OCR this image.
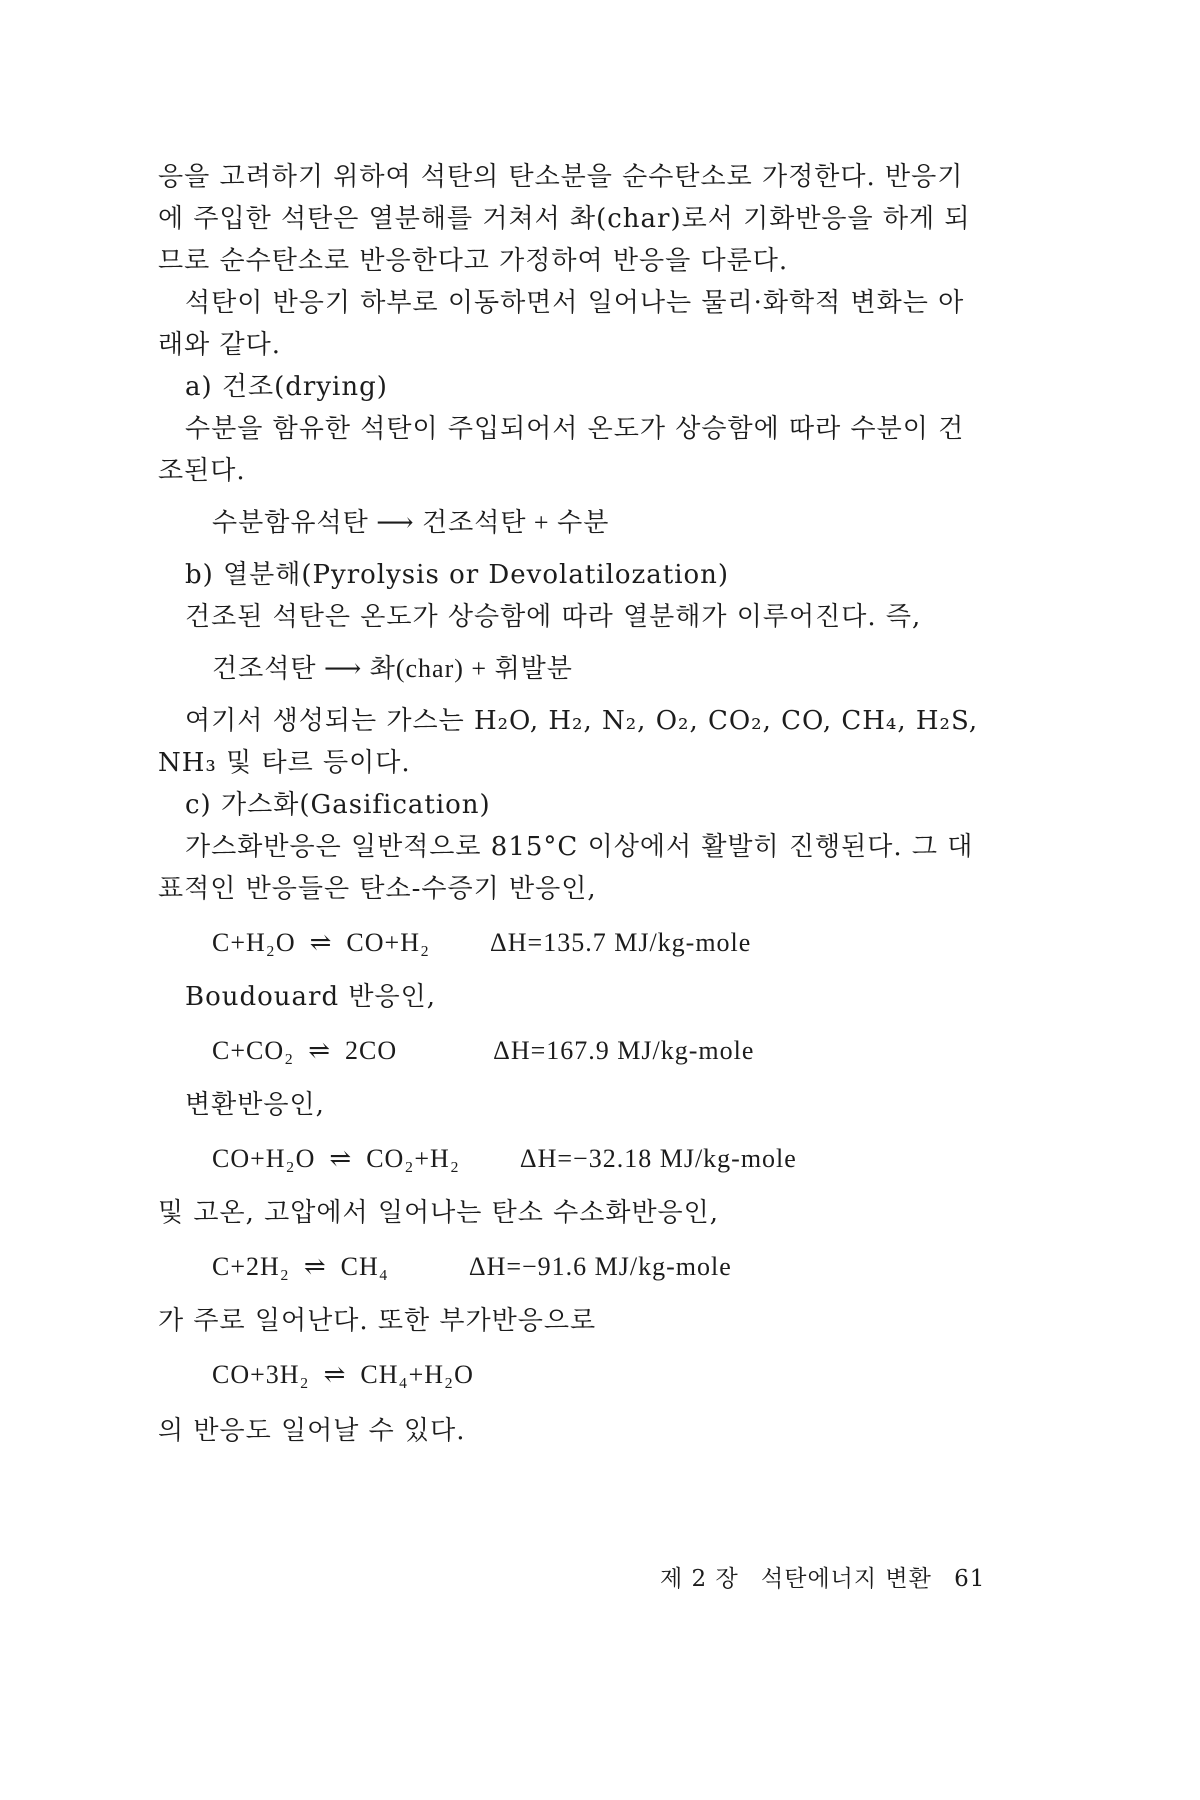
응을 고려하기 위하여 석탄의 탄소분을 순수탄소로 가정한다. 반응기
에 주입한 석탄은 열분해를 거쳐서 촤(char)로서 기화반응을 하게 되
므로 순수탄소로 반응한다고 가정하여 반응을 다룬다.
석탄이 반응기 하부로 이동하면서 일어나는 물리·화학적 변화는 아
래와 같다.
a) 건조(drying)
수분을 함유한 석탄이 주입되어서 온도가 상승함에 따라 수분이 건
조된다.
수분함유석탄 ⟶ 건조석탄 + 수분
b) 열분해(Pyrolysis or Devolatilozation)
건조된 석탄은 온도가 상승함에 따라 열분해가 이루어진다. 즉,
건조석탄 ⟶ 촤(char) + 휘발분
여기서 생성되는 가스는 H₂O, H₂, N₂, O₂, CO₂, CO, CH₄, H₂S,
NH₃ 및 타르 등이다.
c) 가스화(Gasification)
가스화반응은 일반적으로 815°C 이상에서 활발히 진행된다. 그 대
표적인 반응들은 탄소-수증기 반응인,
C+H₂O ⇌ CO+H₂ ΔH=135.7 MJ/kg-mole
Boudouard 반응인,
C+CO₂ ⇌ 2CO	ΔH=167.9 MJ/kg-mole
변환반응인,
CO+H₂O ⇌ CO₂+H₂ ΔH=−32.18 MJ/kg-mole
및 고온, 고압에서 일어나는 탄소 수소화반응인,
C+2H₂ ⇌ CH₄	ΔH=−91.6 MJ/kg-mole
가 주로 일어난다. 또한 부가반응으로
CO+3H₂ ⇌ CH₄+H₂O
의 반응도 일어날 수 있다.
제 2 장 석탄에너지 변환 61
